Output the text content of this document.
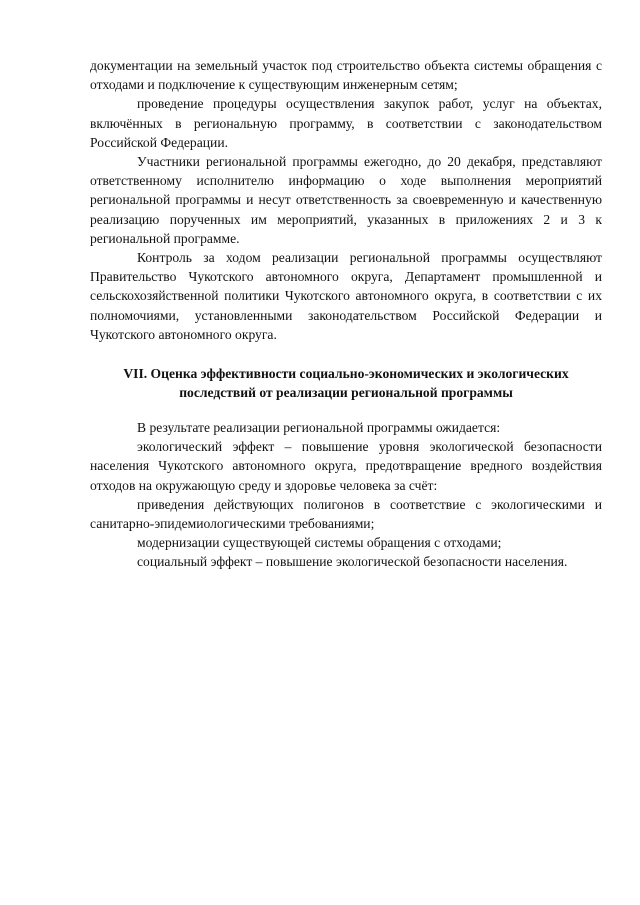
документации на земельный участок под строительство объекта системы обращения с отходами и подключение к существующим инженерным сетям;

проведение процедуры осуществления закупок работ, услуг на объектах, включённых в региональную программу, в соответствии с законодательством Российской Федерации.

Участники региональной программы ежегодно, до 20 декабря, представляют ответственному исполнителю информацию о ходе выполнения мероприятий региональной программы и несут ответственность за своевременную и качественную реализацию порученных им мероприятий, указанных в приложениях 2 и 3 к региональной программе.

Контроль за ходом реализации региональной программы осуществляют Правительство Чукотского автономного округа, Департамент промышленной и сельскохозяйственной политики Чукотского автономного округа, в соответствии с их полномочиями, установленными законодательством Российской Федерации и Чукотского автономного округа.

VII. Оценка эффективности социально-экономических и экологических
последствий от реализации региональной программы

В результате реализации региональной программы ожидается:

экологический эффект – повышение уровня экологической безопасности населения Чукотского автономного округа, предотвращение вредного воздействия отходов на окружающую среду и здоровье человека за счёт:

приведения действующих полигонов в соответствие с экологическими и санитарно-эпидемиологическими требованиями;

модернизации существующей системы обращения с отходами;

социальный эффект – повышение экологической безопасности населения.
